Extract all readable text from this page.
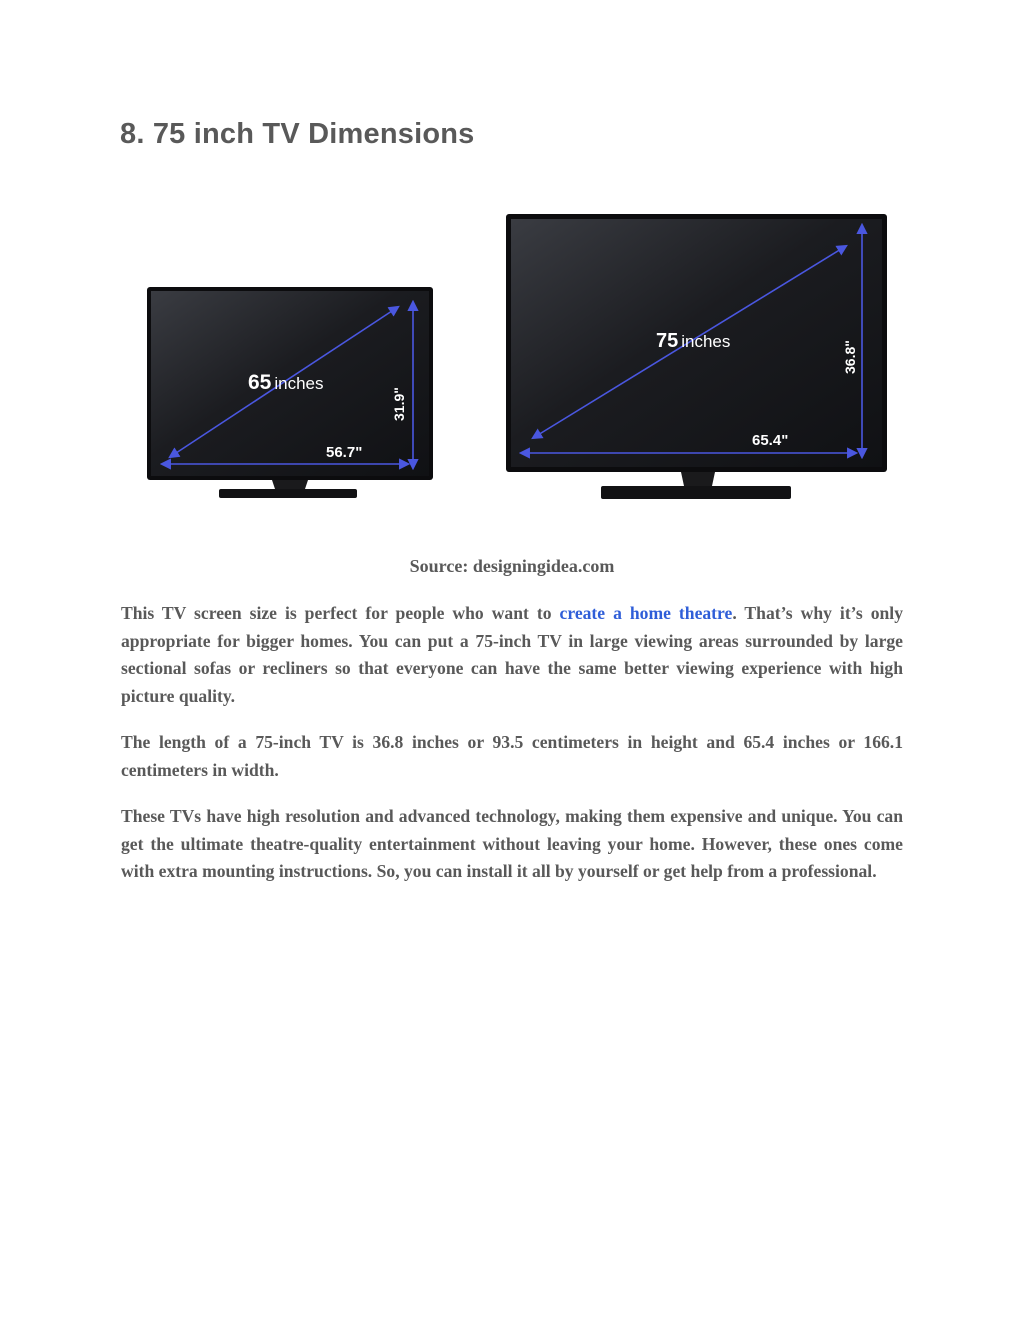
8. 75 inch TV Dimensions
65 inches
56.7"
31.9"
75 inches
65.4"
36.8"
Source: designingidea.com

This TV screen size is perfect for people who want to create a home theatre. That’s why it’s only appropriate for bigger homes. You can put a 75-inch TV in large viewing areas surrounded by large sectional sofas or recliners so that everyone can have the same better viewing experience with high picture quality.

The length of a 75-inch TV is 36.8 inches or 93.5 centimeters in height and 65.4 inches or 166.1 centimeters in width.

These TVs have high resolution and advanced technology, making them expensive and unique. You can get the ultimate theatre-quality entertainment without leaving your home. However, these ones come with extra mounting instructions. So, you can install it all by yourself or get help from a professional.
